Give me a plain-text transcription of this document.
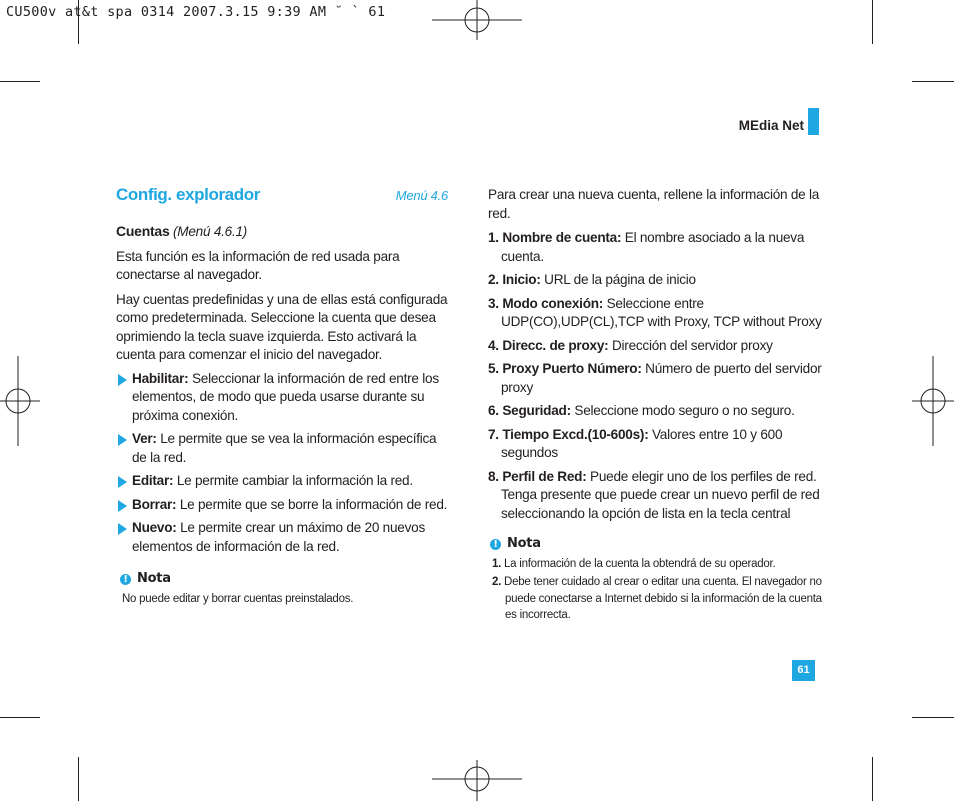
CU500v at&t spa 0314 2007.3.15 9:39 AM ˘ ` 61
MEdia Net
Config. explorador	Menú 4.6

Cuentas (Menú 4.6.1)

Esta función es la información de red usada para conectarse al navegador.

Hay cuentas predefinidas y una de ellas está configurada como predeterminada. Seleccione la cuenta que desea oprimiendo la tecla suave izquierda. Esto activará la cuenta para comenzar el inicio del navegador.

Habilitar: Seleccionar la información de red entre los elementos, de modo que pueda usarse durante su próxima conexión.

Ver: Le permite que se vea la información específica de la red.

Editar: Le permite cambiar la información la red.

Borrar: Le permite que se borre la información de red.

Nuevo: Le permite crear un máximo de 20 nuevos elementos de información de la red.

! Nota

No puede editar y borrar cuentas preinstalados.

Para crear una nueva cuenta, rellene la información de la red.

1. Nombre de cuenta: El nombre asociado a la nueva cuenta.

2. Inicio: URL de la página de inicio

3. Modo conexión: Seleccione entre UDP(CO),UDP(CL),TCP with Proxy, TCP without Proxy

4. Direcc. de proxy: Dirección del servidor proxy

5. Proxy Puerto Número: Número de puerto del servidor proxy

6. Seguridad: Seleccione modo seguro o no seguro.

7. Tiempo Excd.(10-600s): Valores entre 10 y 600 segundos

8. Perfil de Red: Puede elegir uno de los perfiles de red. Tenga presente que puede crear un nuevo perfil de red seleccionando la opción de lista en la tecla central

! Nota

1. La información de la cuenta la obtendrá de su operador.

2. Debe tener cuidado al crear o editar una cuenta. El navegador no puede conectarse a Internet debido si la información de la cuenta es incorrecta.

61
